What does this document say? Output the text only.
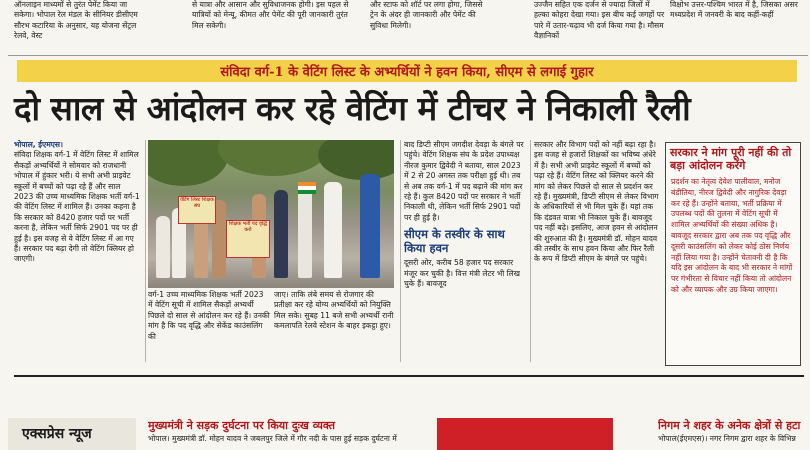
ऑनलाइन माध्यमों से तुरंत पेमेंट किया जा सकेगा। भोपाल रेल मंडल के सीनियर डीसीएम सौरभ कटारिया के अनुसार, यह योजना सेंट्रल रेलवे, वेस्ट
से यात्रा और आसान और सुविधाजनक होगी। इस पहल से यात्रियों को मेन्यू, कीमत और पेमेंट की पूरी जानकारी तुरंत मिल सकेगी।
और स्टाफ को शॉर्ट पर लगा होगा, जिससे ट्रेन के अंदर ही जानकारी और पेमेंट की सुविधा मिलेगी।
उज्जैन सहित एक दर्जन से ज्यादा जिलों में हल्का कोहरा देखा गया। इस बीच कई जगहों पर पारे में उतार-चढ़ाव भी दर्ज किया गया है। मौसम वैज्ञानिकों
विक्षोभ उत्तर-पश्चिम भारत में है, जिसका असर मध्यप्रदेश में जनवरी के बाद कहीं-कहीं
संविदा वर्ग-1 के वेटिंग लिस्ट के अभ्यर्थियों ने हवन किया, सीएम से लगाई गुहार
दो साल से आंदोलन कर रहे वेटिंग में टीचर ने निकाली रैली
भोपाल, ईएमएस।
संविदा शिक्षक वर्ग-1 में वेटिंग लिस्ट में शामिल सैकड़ों अभ्यर्थियों ने सोमवार को राजधानी भोपाल में हुंकार भरी। ये सभी अभी प्राइवेट स्कूलों में बच्चों को पढ़ा रहे हैं और साल 2023 की उच्च माध्यमिक शिक्षक भर्ती वर्ग-1 की वेटिंग लिस्ट में शामिल हैं। उनका कहना है कि सरकार को 8420 हजार पदों पर भर्ती करना है, लेकिन भर्ती सिर्फ 2901 पद पर ही हुई है। इस वजह से वे वेटिंग लिस्ट में आ गए हैं। सरकार पद बढ़ा देगी तो वेटिंग क्लियर हो जाएगी।
वेटिंग लिस्ट शिक्षक संघ
शिक्षक भर्ती पद वृद्धि करो
वर्ग-1 उच्च माध्यमिक शिक्षक भर्ती 2023 में वेटिंग सूची में शामिल सैकड़ों अभ्यर्थी पिछले दो साल से आंदोलन कर रहे हैं। उनकी मांग है कि पद वृद्धि और सेकेंड काउंसलिंग की
जाए। ताकि लंबे समय से रोजगार की प्रतीक्षा कर रहे योग्य अभ्यर्थियों को नियुक्ति मिल सके। सुबह 11 बजे सभी अभ्यर्थी रानी कमलापति रेलवे स्टेशन के बाहर इकट्ठा हुए।
बाद डिप्टी सीएम जगदीश देवड़ा के बंगले पर पहुंचे। वेटिंग शिक्षक संघ के प्रदेश उपाध्यक्ष नीरज कुमार द्विवेदी ने बताया, साल 2023 में 2 से 20 अगस्त तक परीक्षा हुई थी। तब से अब तक वर्ग-1 में पद बढ़ाने की मांग कर रहे हैं। कुल 8420 पदों पर सरकार ने भर्ती निकाली थी, लेकिन भर्ती सिर्फ 2901 पदों पर ही हुई है।
सीएम के तस्वीर के साथ किया हवन
दूसरी ओर, करीब 58 हजार पद सरकार मंजूर कर चुकी है। वित्त मंत्री लेटर भी लिख चुके हैं। बावजूद
सरकार और विभाग पदों को नहीं बढ़ा रहा है। इस वजह से हजारों शिक्षकों का भविष्य अंधेरे में है। सभी अभी प्राइवेट स्कूलों में बच्चों को पढ़ा रहे हैं। वेटिंग लिस्ट को क्लियर करने की मांग को लेकर पिछले दो साल से प्रदर्शन कर रहे हैं। मुख्यमंत्री, डिप्टी सीएम से लेकर विभाग के अधिकारियों से भी मिल चुके हैं। यहां तक कि दंडवत यात्रा भी निकाल चुके हैं। बावजूद पद नहीं बढ़े। इसलिए, आज हवन से आंदोलन की शुरुआत की है। मुख्यमंत्री डॉ. मोहन यादव की तस्वीर के साथ हवन किया और फिर रैली के रूप में डिप्टी सीएम के बंगले पर पहुंचे।
सरकार ने मांग पूरी नहीं की तो बड़ा आंदोलन करेंगे
प्रदर्शन का नेतृत्व देवेश पालीवाल, मनोज बंडीतिया, नीरज द्विवेदी और नागुरिक देवड़ा कर रहे हैं। उन्होंने बताया, भर्ती प्रक्रिया में उपलब्ध पदों की तुलना में वेटिंग सूची में शामिल अभ्यर्थियों की संख्या अधिक है। बावजूद सरकार द्वारा अब तक पद वृद्धि और दूसरी काउंसलिंग को लेकर कोई ठोस निर्णय नहीं लिया गया है। उन्होंने चेतावनी दी है कि यदि इस आंदोलन के बाद भी सरकार ने मांगों पर गंभीरता से विचार नहीं किया तो आंदोलन को और व्यापक और उग्र किया जाएगा।
एक्सप्रेस न्यूज
मुख्यमंत्री ने सड़क दुर्घटना पर किया दुःख व्यक्त
भोपाल। मुख्यमंत्री डॉ. मोहन यादव ने जबलपुर जिले में गौर नदी के पास हुई सड़क दुर्घटना में
निगम ने शहर के अनेक क्षेत्रों से हटा
भोपाल(ईएमएस)। नगर निगम द्वारा शहर के विभिन्न
